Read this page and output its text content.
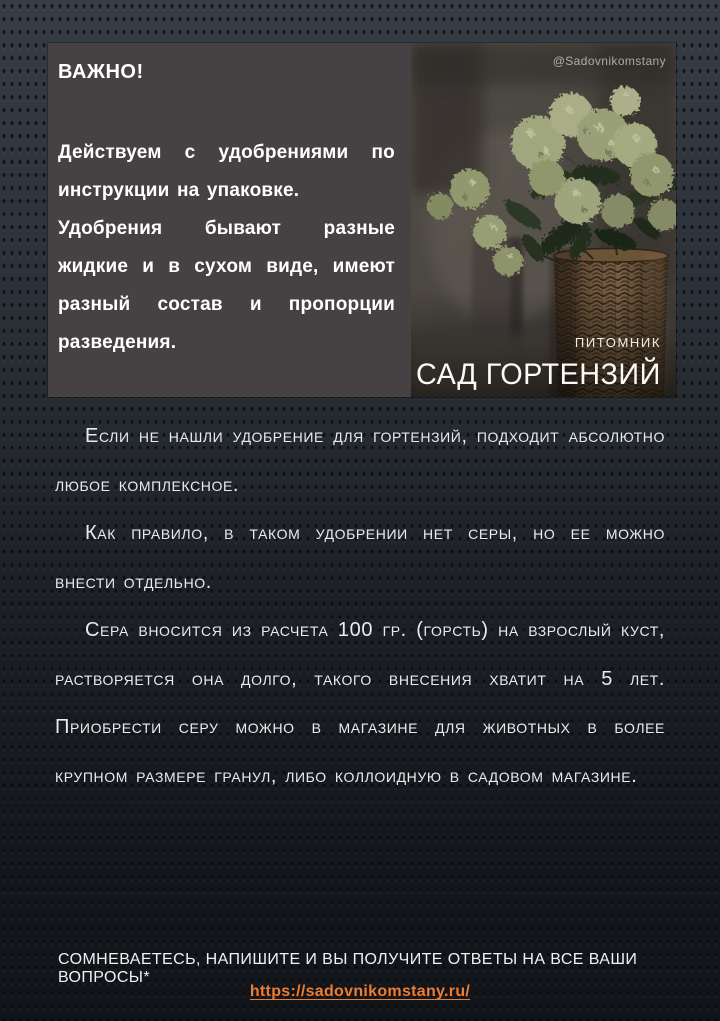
ВАЖНО!

Действуем с удобрениями по инструкции на упаковке.

Удобрения бывают разные жидкие и в сухом виде, имеют разный состав и пропорции разведения.

@Sadovnikomstany
ПИТОМНИК
САД ГОРТЕНЗИЙ

Если не нашли удобрение для гортензий, подходит абсолютно любое комплексное.

Как правило, в таком удобрении нет серы, но ее можно внести отдельно.

Сера вносится из расчета 100 гр. (горсть) на взрослый куст, растворяется она долго, такого внесения хватит на 5 лет. Приобрести серу можно в магазине для животных в более крупном размере гранул, либо коллоидную в садовом магазине.

СОМНЕВАЕТЕСЬ, НАПИШИТЕ И ВЫ ПОЛУЧИТЕ ОТВЕТЫ НА ВСЕ ВАШИ ВОПРОСЫ*
https://sadovnikomstany.ru/
